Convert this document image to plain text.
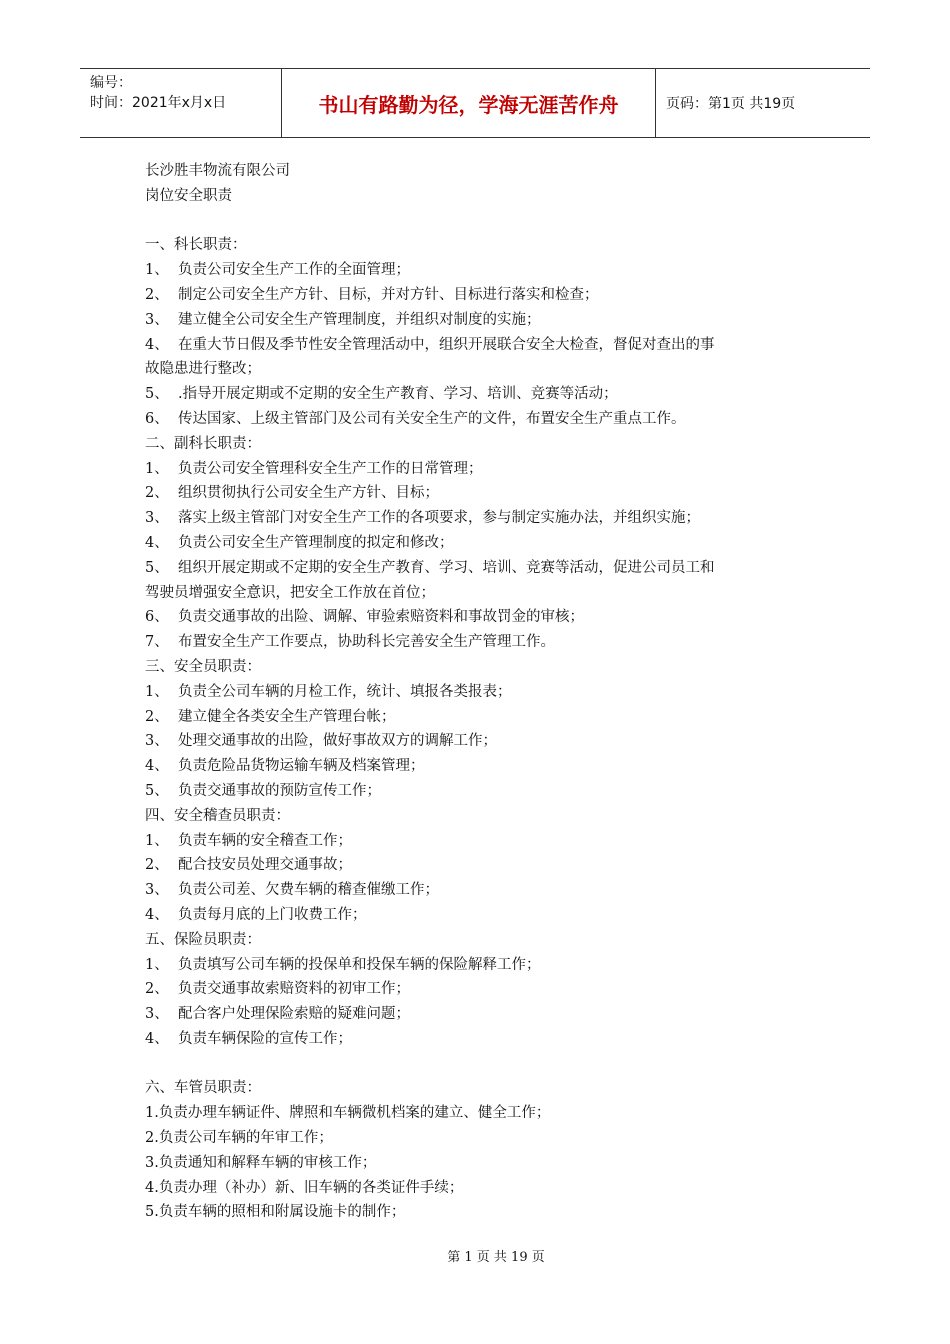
编号：
时间：2021年x月x日	书山有路勤为径，学海无涯苦作舟	页码：第1页 共19页
长沙胜丰物流有限公司
岗位安全职责
一、科长职责：
1、 负责公司安全生产工作的全面管理；
2、 制定公司安全生产方针、目标，并对方针、目标进行落实和检查；
3、 建立健全公司安全生产管理制度，并组织对制度的实施；
4、 在重大节日假及季节性安全管理活动中，组织开展联合安全大检查，督促对查出的事
故隐患进行整改；
5、 .指导开展定期或不定期的安全生产教育、学习、培训、竞赛等活动；
6、 传达国家、上级主管部门及公司有关安全生产的文件，布置安全生产重点工作。
二、副科长职责：
1、 负责公司安全管理科安全生产工作的日常管理；
2、 组织贯彻执行公司安全生产方针、目标；
3、 落实上级主管部门对安全生产工作的各项要求，参与制定实施办法，并组织实施；
4、 负责公司安全生产管理制度的拟定和修改；
5、 组织开展定期或不定期的安全生产教育、学习、培训、竞赛等活动，促进公司员工和
驾驶员增强安全意识，把安全工作放在首位；
6、 负责交通事故的出险、调解、审验索赔资料和事故罚金的审核；
7、 布置安全生产工作要点，协助科长完善安全生产管理工作。
三、安全员职责：
1、 负责全公司车辆的月检工作，统计、填报各类报表；
2、 建立健全各类安全生产管理台帐；
3、 处理交通事故的出险，做好事故双方的调解工作；
4、 负责危险品货物运输车辆及档案管理；
5、 负责交通事故的预防宣传工作；
四、安全稽查员职责：
1、 负责车辆的安全稽查工作；
2、 配合技安员处理交通事故；
3、 负责公司差、欠费车辆的稽查催缴工作；
4、 负责每月底的上门收费工作；
五、保险员职责：
1、 负责填写公司车辆的投保单和投保车辆的保险解释工作；
2、 负责交通事故索赔资料的初审工作；
3、 配合客户处理保险索赔的疑难问题；
4、 负责车辆保险的宣传工作；
六、车管员职责：
1.负责办理车辆证件、牌照和车辆微机档案的建立、健全工作；
2.负责公司车辆的年审工作；
3.负责通知和解释车辆的审核工作；
4.负责办理（补办）新、旧车辆的各类证件手续；
5.负责车辆的照相和附属设施卡的制作；
第 1 页 共 19 页
